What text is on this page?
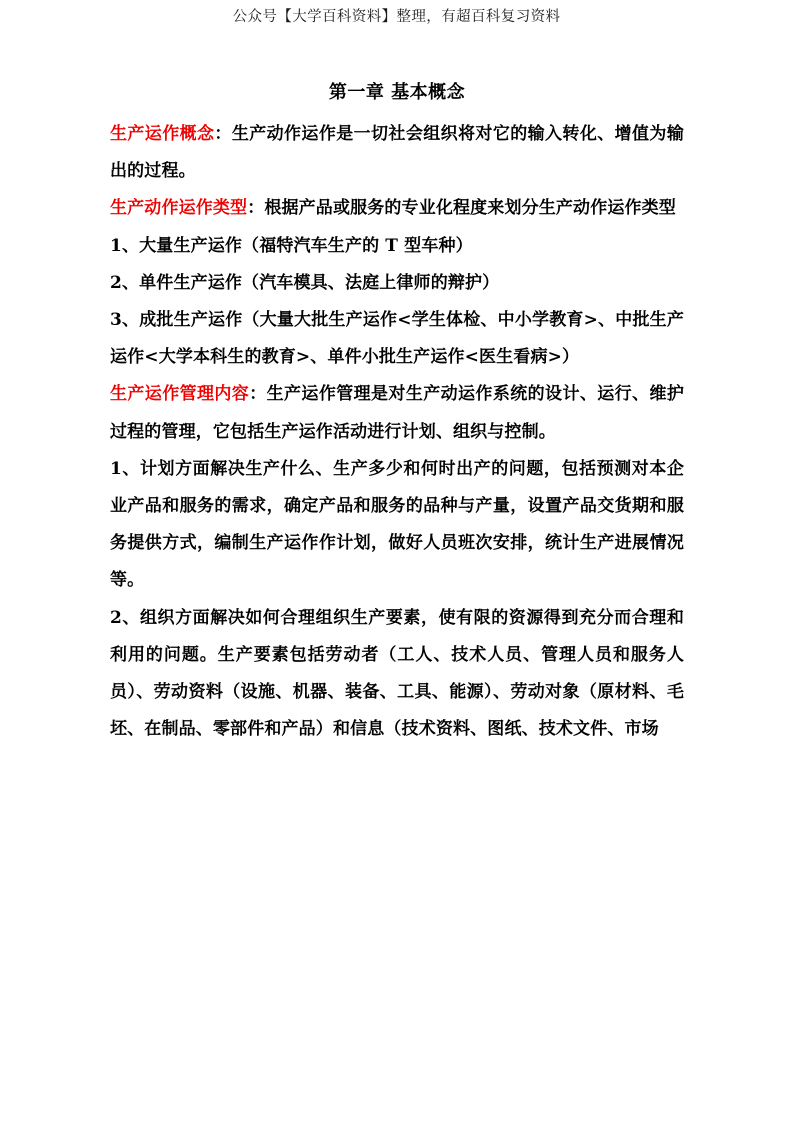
公众号【大学百科资料】整理，有超百科复习资料
第一章 基本概念

生产运作概念：生产动作运作是一切社会组织将对它的输入转化、增值为输出的过程。

生产动作运作类型：根据产品或服务的专业化程度来划分生产动作运作类型

1、大量生产运作（福特汽车生产的 T 型车种）

2、单件生产运作（汽车模具、法庭上律师的辩护）

3、成批生产运作（大量大批生产运作<学生体检、中小学教育>、中批生产运作<大学本科生的教育>、单件小批生产运作<医生看病>）

生产运作管理内容：生产运作管理是对生产动运作系统的设计、运行、维护过程的管理，它包括生产运作活动进行计划、组织与控制。

1、计划方面解决生产什么、生产多少和何时出产的问题，包括预测对本企业产品和服务的需求，确定产品和服务的品种与产量，设置产品交货期和服务提供方式，编制生产运作作计划，做好人员班次安排，统计生产进展情况等。

2、组织方面解决如何合理组织生产要素，使有限的资源得到充分而合理和利用的问题。生产要素包括劳动者（工人、技术人员、管理人员和服务人员）、劳动资料（设施、机器、装备、工具、能源）、劳动对象（原材料、毛坯、在制品、零部件和产品）和信息（技术资料、图纸、技术文件、市场
